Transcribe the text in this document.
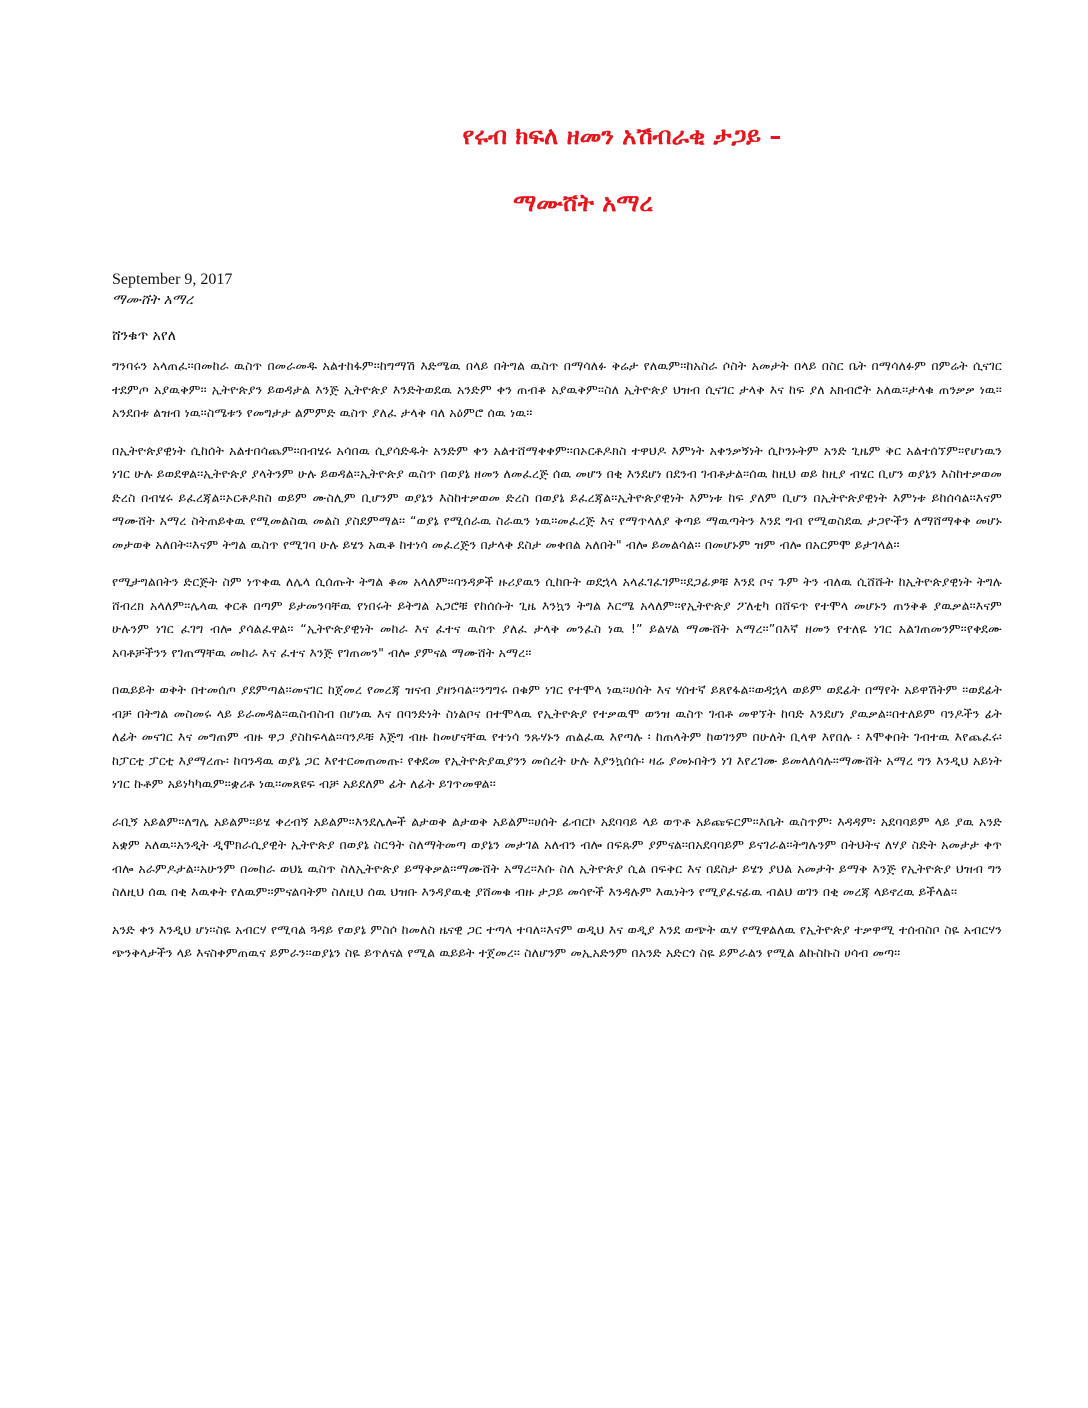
የሩብ ክፍለ ዘመን አሽብራቂ ታጋይ –
ማሙሸት አማረ

September 9, 2017

ማሙሸት አማረ

ሸንቁጥ አየለ

ግንባሩን አላጠፈ፡፡በመከራ ዉስጥ በመራመዱ አልተከፋም፡፡ከግማሽ እድሜዉ በላይ በትግል ዉስጥ በማሳለፉ ቅሬታ የለዉም፡፡ከአስራ ሶስት አመታት በላይ በስር ቤት በማሳለፉም በምሬት ሲናገር ተደምጦ አያዉቅም፡፡ ኢትዮጵያን ይወዳታል እንጅ ኢትዮጵያ እንድትወደዉ አንድም ቀን ጠብቆ አያዉቅም፡፡ስለ ኢትዮጵያ ህዝብ ሲናገር ታላቅ እና ከፍ ያለ አክብሮት አለዉ፡፡ታላቁ ጠንቃቃ ነዉ፡፡አንደበቱ ልዝብ ነዉ፡፡ስሜቱን የመግታታ ልምምድ ዉስጥ ያለፈ ታላቅ ባለ አዕምሮ ሰዉ ነዉ፡፡

በኢትዮጵያዊነት ሲከሰት አልተበሳጨም፡፡በብሄሩ አሳበዉ ሲያሳድዱት አንድም ቀን አልተሸማቀቀም፡፡በኦርቶዶክስ ተዋህዶ እምነት አቀንቃኝነት ሲኮንኑትም አንድ ጊዜም ቅር አልተሰኘም፡፡የሆነዉን ነገር ሁሉ ይወደዋል፡፡ኢትዮጵያ ያላትንም ሁሉ ይወዳል፡፡ኢትዮጵያ ዉስጥ በወያኔ ዘመን ለመፈረጅ ሰዉ መሆን በቂ እንደሆነ በደንብ ገብቶታል፡፡ሰዉ ከዚህ ወይ ከዚያ ብሄር ቢሆን ወያኔን እስከተቃወመ ድረስ በብሄሩ ይፈረጃል፡፡ኦርቶዶክስ ወይም ሙስሊም ቢሆንም ወያኔን እስከተቃወመ ድረስ በወያኔ ይፈረጃል፡፡ኢትዮጵያዊነት እምነቱ ከፍ ያለም ቢሆን በኢትዮጵያዊነት እምነቱ ይከሰሳል፡፡እናም ማሙሸት አማረ ስትጠይቀዉ የሚመልስዉ መልስ ያስደምማል፡፡ “ወያኔ የሚሰራዉ ስራዉን ነዉ፡፡መፈረጅ እና የማጥላለያ ቅጣይ ማዉጣትን እንደ ግብ የሚወስደዉ ታጋዮችን ለማሸማቀቅ መሆኑ መታወቅ አለበት፡፡እናም ትግል ዉስጥ የሚገባ ሁሉ ይሄን አዉቆ ከተነሳ መፈረጅን በታላቅ ደስታ መቀበል አለበት" ብሎ ይመልሳል፡፡ በመሆኑም ዝም ብሎ በአርምሞ ይታገላል፡፡

የሚታግልበትን ድርጅት ስም ነጥቀዉ ለሌላ ሲሰጡት ትግል ቆመ አላለም፡፡ባንዳዎች ዙሪያዉን ሲከቡት ወደኋላ አላፈገፈገም፡፡ደጋፊዎቹ እንደ ቦና ጉም ትን ብለዉ ሲሸሹት ከኢትዮጵያዊነት ትግሉ ሸብረክ አላለም፡፡ሌላዉ ቀርቶ በጣም ይታመንባቸዉ የነበሩት ይትግል አጋሮቹ የከሰሱት ጊዜ እንኳን ትግል እርሜ አላለም፡፡የኢትዮጵያ ፖለቲካ በሸፍጥ የተሞላ መሆኑን ጠንቅቆ ያዉቃል፡፡እናም ሁሉንም ነገር ፈገግ ብሎ ያሳልፈዋል፡፡ “ኢትዮጵያዊነት መከራ እና ፈተና ዉስጥ ያለፈ ታላቅ መንፈስ ነዉ !” ይልሃል ማሙሸት አማረ፡፡”በእኛ ዘመን የተለዬ ነገር አልገጠመንም፡፡የቀደሙ አባቶቻችንን የገጠማቸዉ መከራ እና ፈተና እንጅ የገጠመን" ብሎ ያምናል ማሙሸት አማረ፡፡

በዉይይት ወቅት በተመሰጦ ያደምጣል፡፡መናገር ከጀመረ የመረጃ ዝናብ ያዘንባል፡፡ንግግሩ በቁም ነገር የተሞላ ነዉ፡፡ሀሰት እና ሃሰተኛ ይጸየፋል፡፡ወዳኋላ ወይም ወደፊት በማየት አይዋሽትም ፡፡ወደፊት ብቻ በትግል መስመሩ ላይ ይራመዳል፡፡ዉስብስብ በሆነዉ እና በባንድነት ስነልቦና በተሞላዉ የኢትዮጵያ የተቃዉሞ ወንዝ ዉስጥ ገብቶ መዋኘት ከባድ እንደሆነ ያዉቃል፡፡በተለይም ባንዶችን ፊት ለፊት መናገር እና መግጠም ብዙ ዋጋ ያስከፍላል፡፡ባንዶቹ እጅግ ብዙ ከመሆናቸዉ የተነሳ ንጹሃኑን ጠልፈዉ እየጣሉ ፡ ከጠላትም ከወገንም በሁለት ቢላዋ እየበሉ ፡ እሞቀበት ገብተዉ እየጨፈሩ፡ ከፓርቲ ፓርቲ እያማረጡ፡ ከባንዳዉ ወያኔ ጋር እየተርመጠመጡ፡ የቀደመ የኢትዮጵያዉያንን መሰረት ሁሉ እያንኳሰሱ፡ ዛሬ ያመኑበትን ነገ እየረገሙ ይመላለሳሉ፡፡ማሙሸት አማረ ግን እንዲህ አይነት ነገር ኩቶም አይነካካዉም፡፡ቋሪቶ ነዉ፡፡መጸዩፍ ብቻ አይደለም ፊት ለፊት ይገጥመዋል፡፡

ራቢኝ አይልም፡፡ለግሌ አይልም፡፡ይሄ ቀረብኝ አይልም፡፡እንደሌሎች ልታወቅ ልታወቅ አይልም፡፡ሀሰት ፊብርኮ አደባባይ ላይ ወጥቶ አይጩፍርም፡፡እቤት ዉስጥም፡ እዳዳም፡ አደባባይም ላይ ያዉ አንድ አቋም አለዉ፡፡አንዲት ዲሞክራሲያዊት ኢትዮጵያ በወያኔ ስርዓት ስለማትመጣ ወያኔን መታገል አለብን ብሎ በፍጹም ያምናል፡፡በአደባባይም ይናገራል፡፡ትግሉንም በትህትና ለሃያ ስድት አመታታ ቀጥ ብሎ አራምዶታል፡፡አሁንም በመከራ ወህኒ ዉስጥ ስለኢትዮጵያ ይማቅቃል፡፡ማሙሸት አማረ፡፡እሱ ስለ ኢትዮጵያ ሲል በፍቅር እና በደስታ ይሄን ያህል አመታት ይማቅ እንጅ የኢትዮጵያ ህዝብ ግን ስለዚህ ሰዉ በቂ እዉቀት የለዉም፡፡ምናልባትም ስለዚህ ሰዉ ህዝቡ እንዳያዉቂ ያሸመቁ ብዙ ታጋይ መሳዮች እንዳሉም እዉነትን የሚያፈናፊዉ ብልህ ወገን በቂ መረጃ ላይኖረዉ ይችላል፡፡

አንድ ቀን እንዲህ ሆነ፡፡ስዬ አብርሃ የሚባል ጓዳይ የወያኔ ምስሶ ከመለስ ዜናዊ ጋር ተጣላ ተባለ፡፡እናም ወዲህ እና ወዲያ እንደ ወጭት ዉሃ የሚዋልለዉ የኢትዮጵያ ተቃዋሚ ተሰብስቦ ስዬ አብርሃን ጭንቅላታችን ላይ እናስቀምጠዉና ይምራን፡፡ወያኔን ስዬ ይጥለናል የሚል ዉይይት ተጀመረ፡፡ ስለሆንም መኢአድንም በአንድ አድርጎ ስዬ ይምራልን የሚል ልኩስኩስ ሀሳብ መጣ፡፡
